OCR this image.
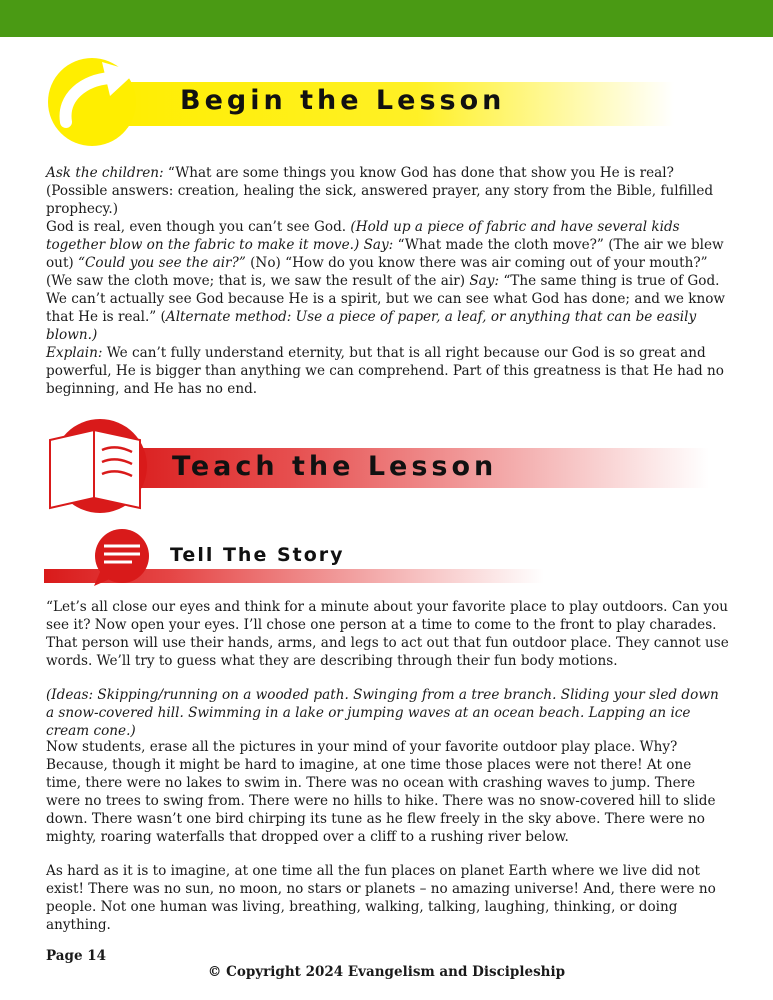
Begin the Lesson

Ask the children: “What are some things you know God has done that show you He is real? (Possible answers: creation, healing the sick, answered prayer, any story from the Bible, fulfilled prophecy.)

God is real, even though you can’t see God. (Hold up a piece of fabric and have several kids together blow on the fabric to make it move.) Say: “What made the cloth move?” (The air we blew out) “Could you see the air?” (No) “How do you know there was air coming out of your mouth?” (We saw the cloth move; that is, we saw the result of the air) Say: “The same thing is true of God. We can’t actually see God because He is a spirit, but we can see what God has done; and we know that He is real.” (Alternate method: Use a piece of paper, a leaf, or anything that can be easily blown.)

Explain: We can’t fully understand eternity, but that is all right because our God is so great and powerful, He is bigger than anything we can comprehend. Part of this greatness is that He had no beginning, and He has no end.

Teach the Lesson
Tell The Story

“Let’s all close our eyes and think for a minute about your favorite place to play outdoors. Can you see it? Now open your eyes. I’ll chose one person at a time to come to the front to play charades. That person will use their hands, arms, and legs to act out that fun outdoor place. They cannot use words. We’ll try to guess what they are describing through their fun body motions.

(Ideas: Skipping/running on a wooded path. Swinging from a tree branch. Sliding your sled down a snow-covered hill. Swimming in a lake or jumping waves at an ocean beach. Lapping an ice cream cone.)

Now students, erase all the pictures in your mind of your favorite outdoor play place. Why? Because, though it might be hard to imagine, at one time those places were not there! At one time, there were no lakes to swim in. There was no ocean with crashing waves to jump. There were no trees to swing from. There were no hills to hike. There was no snow-covered hill to slide down. There wasn’t one bird chirping its tune as he flew freely in the sky above. There were no mighty, roaring waterfalls that dropped over a cliff to a rushing river below.

As hard as it is to imagine, at one time all the fun places on planet Earth where we live did not exist! There was no sun, no moon, no stars or planets – no amazing universe! And, there were no people. Not one human was living, breathing, walking, talking, laughing, thinking, or doing anything.

Page 14
© Copyright 2024 Evangelism and Discipleship
